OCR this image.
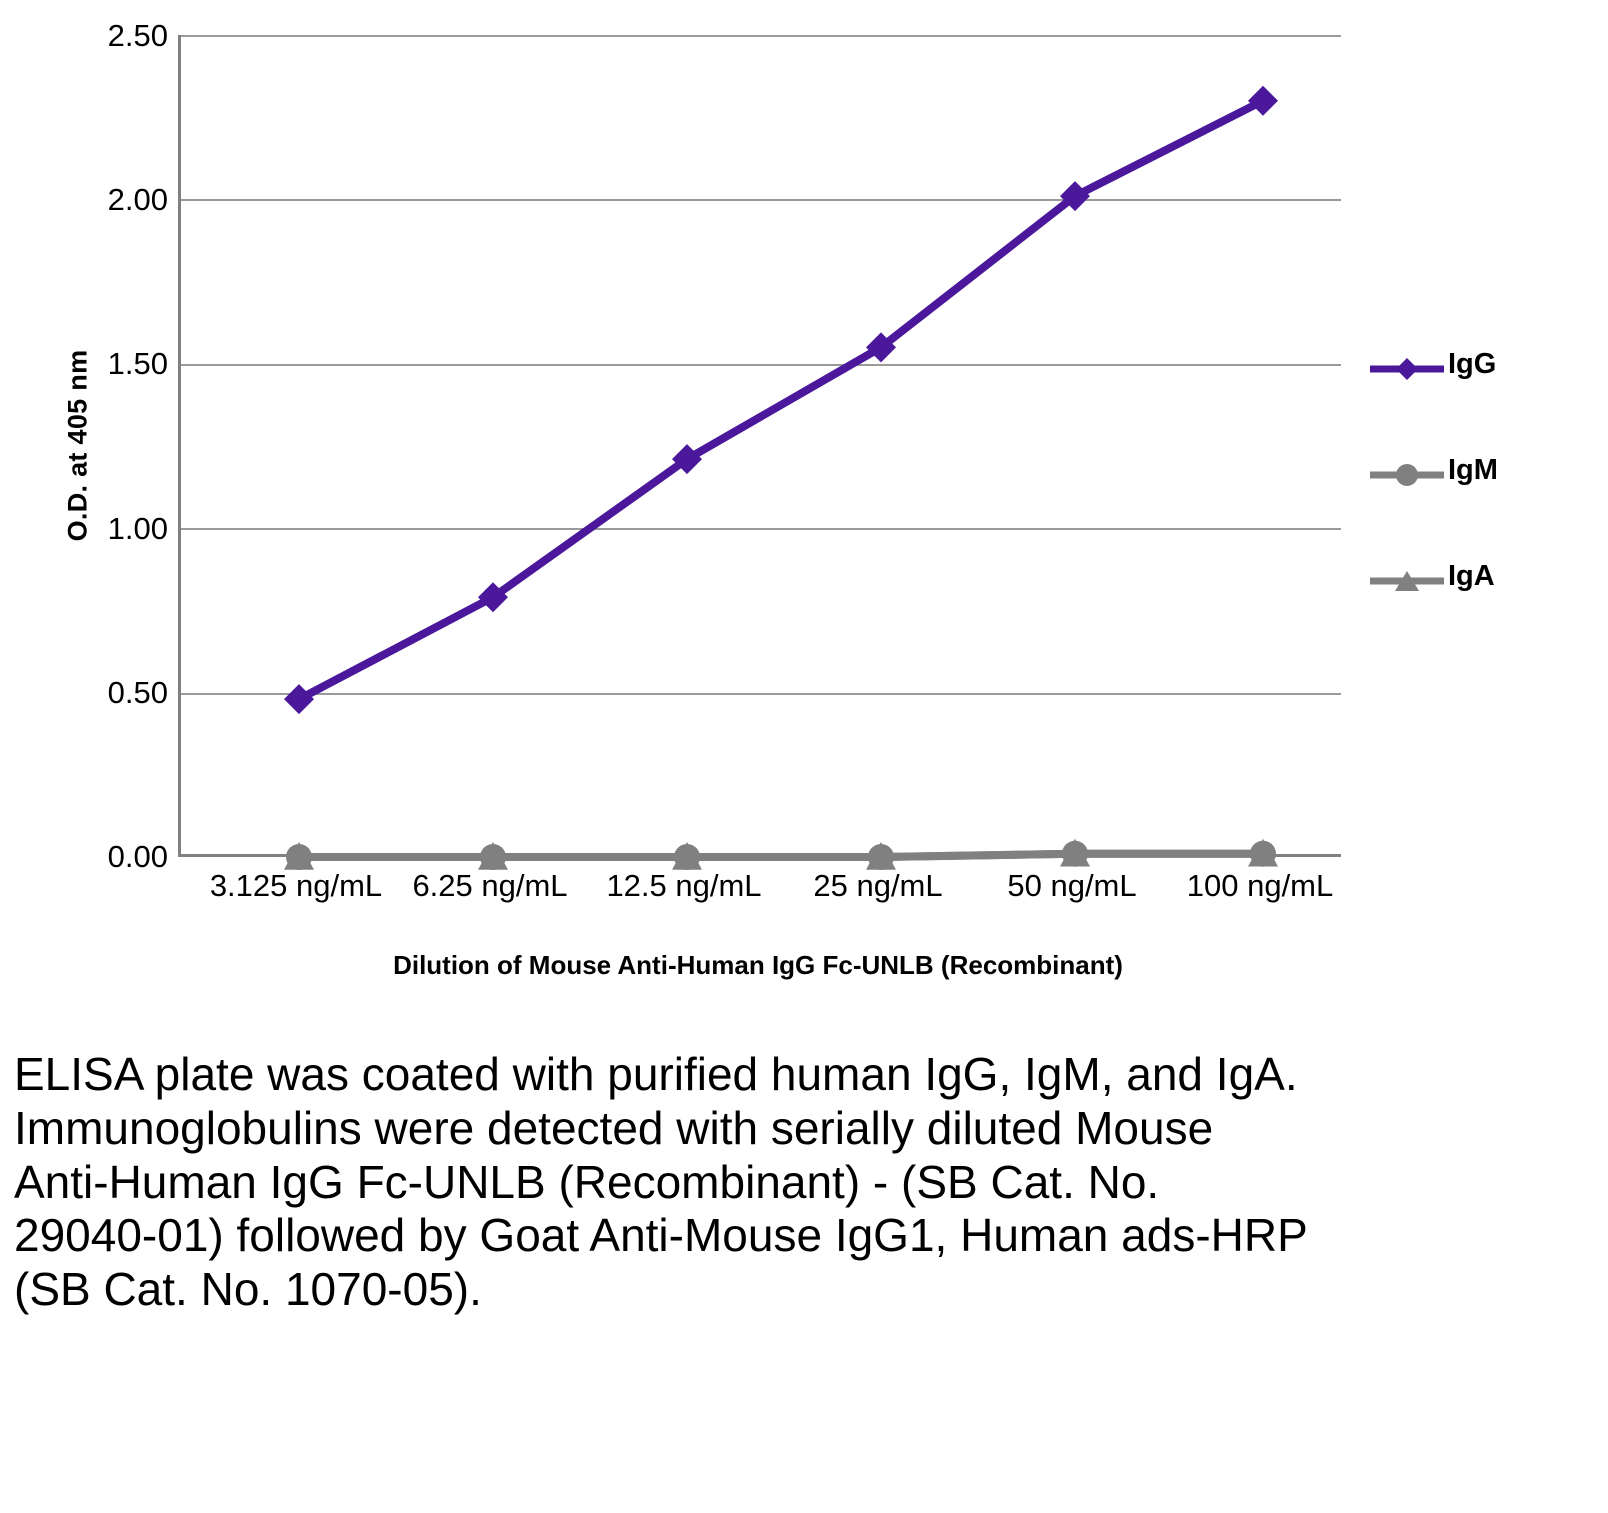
O.D. at 405 nm
2.50
2.00
1.50
1.00
0.50
0.00
3.125 ng/mL 6.25 ng/mL 12.5 ng/mL 25 ng/mL 50 ng/mL 100 ng/mL
Dilution of Mouse Anti-Human IgG Fc-UNLB (Recombinant)
IgG
IgM
IgA
ELISA plate was coated with purified human IgG, IgM, and IgA. Immunoglobulins were detected with serially diluted Mouse Anti-Human IgG Fc-UNLB (Recombinant) - (SB Cat. No. 29040-01) followed by Goat Anti-Mouse IgG1, Human ads-HRP (SB Cat. No. 1070-05).
